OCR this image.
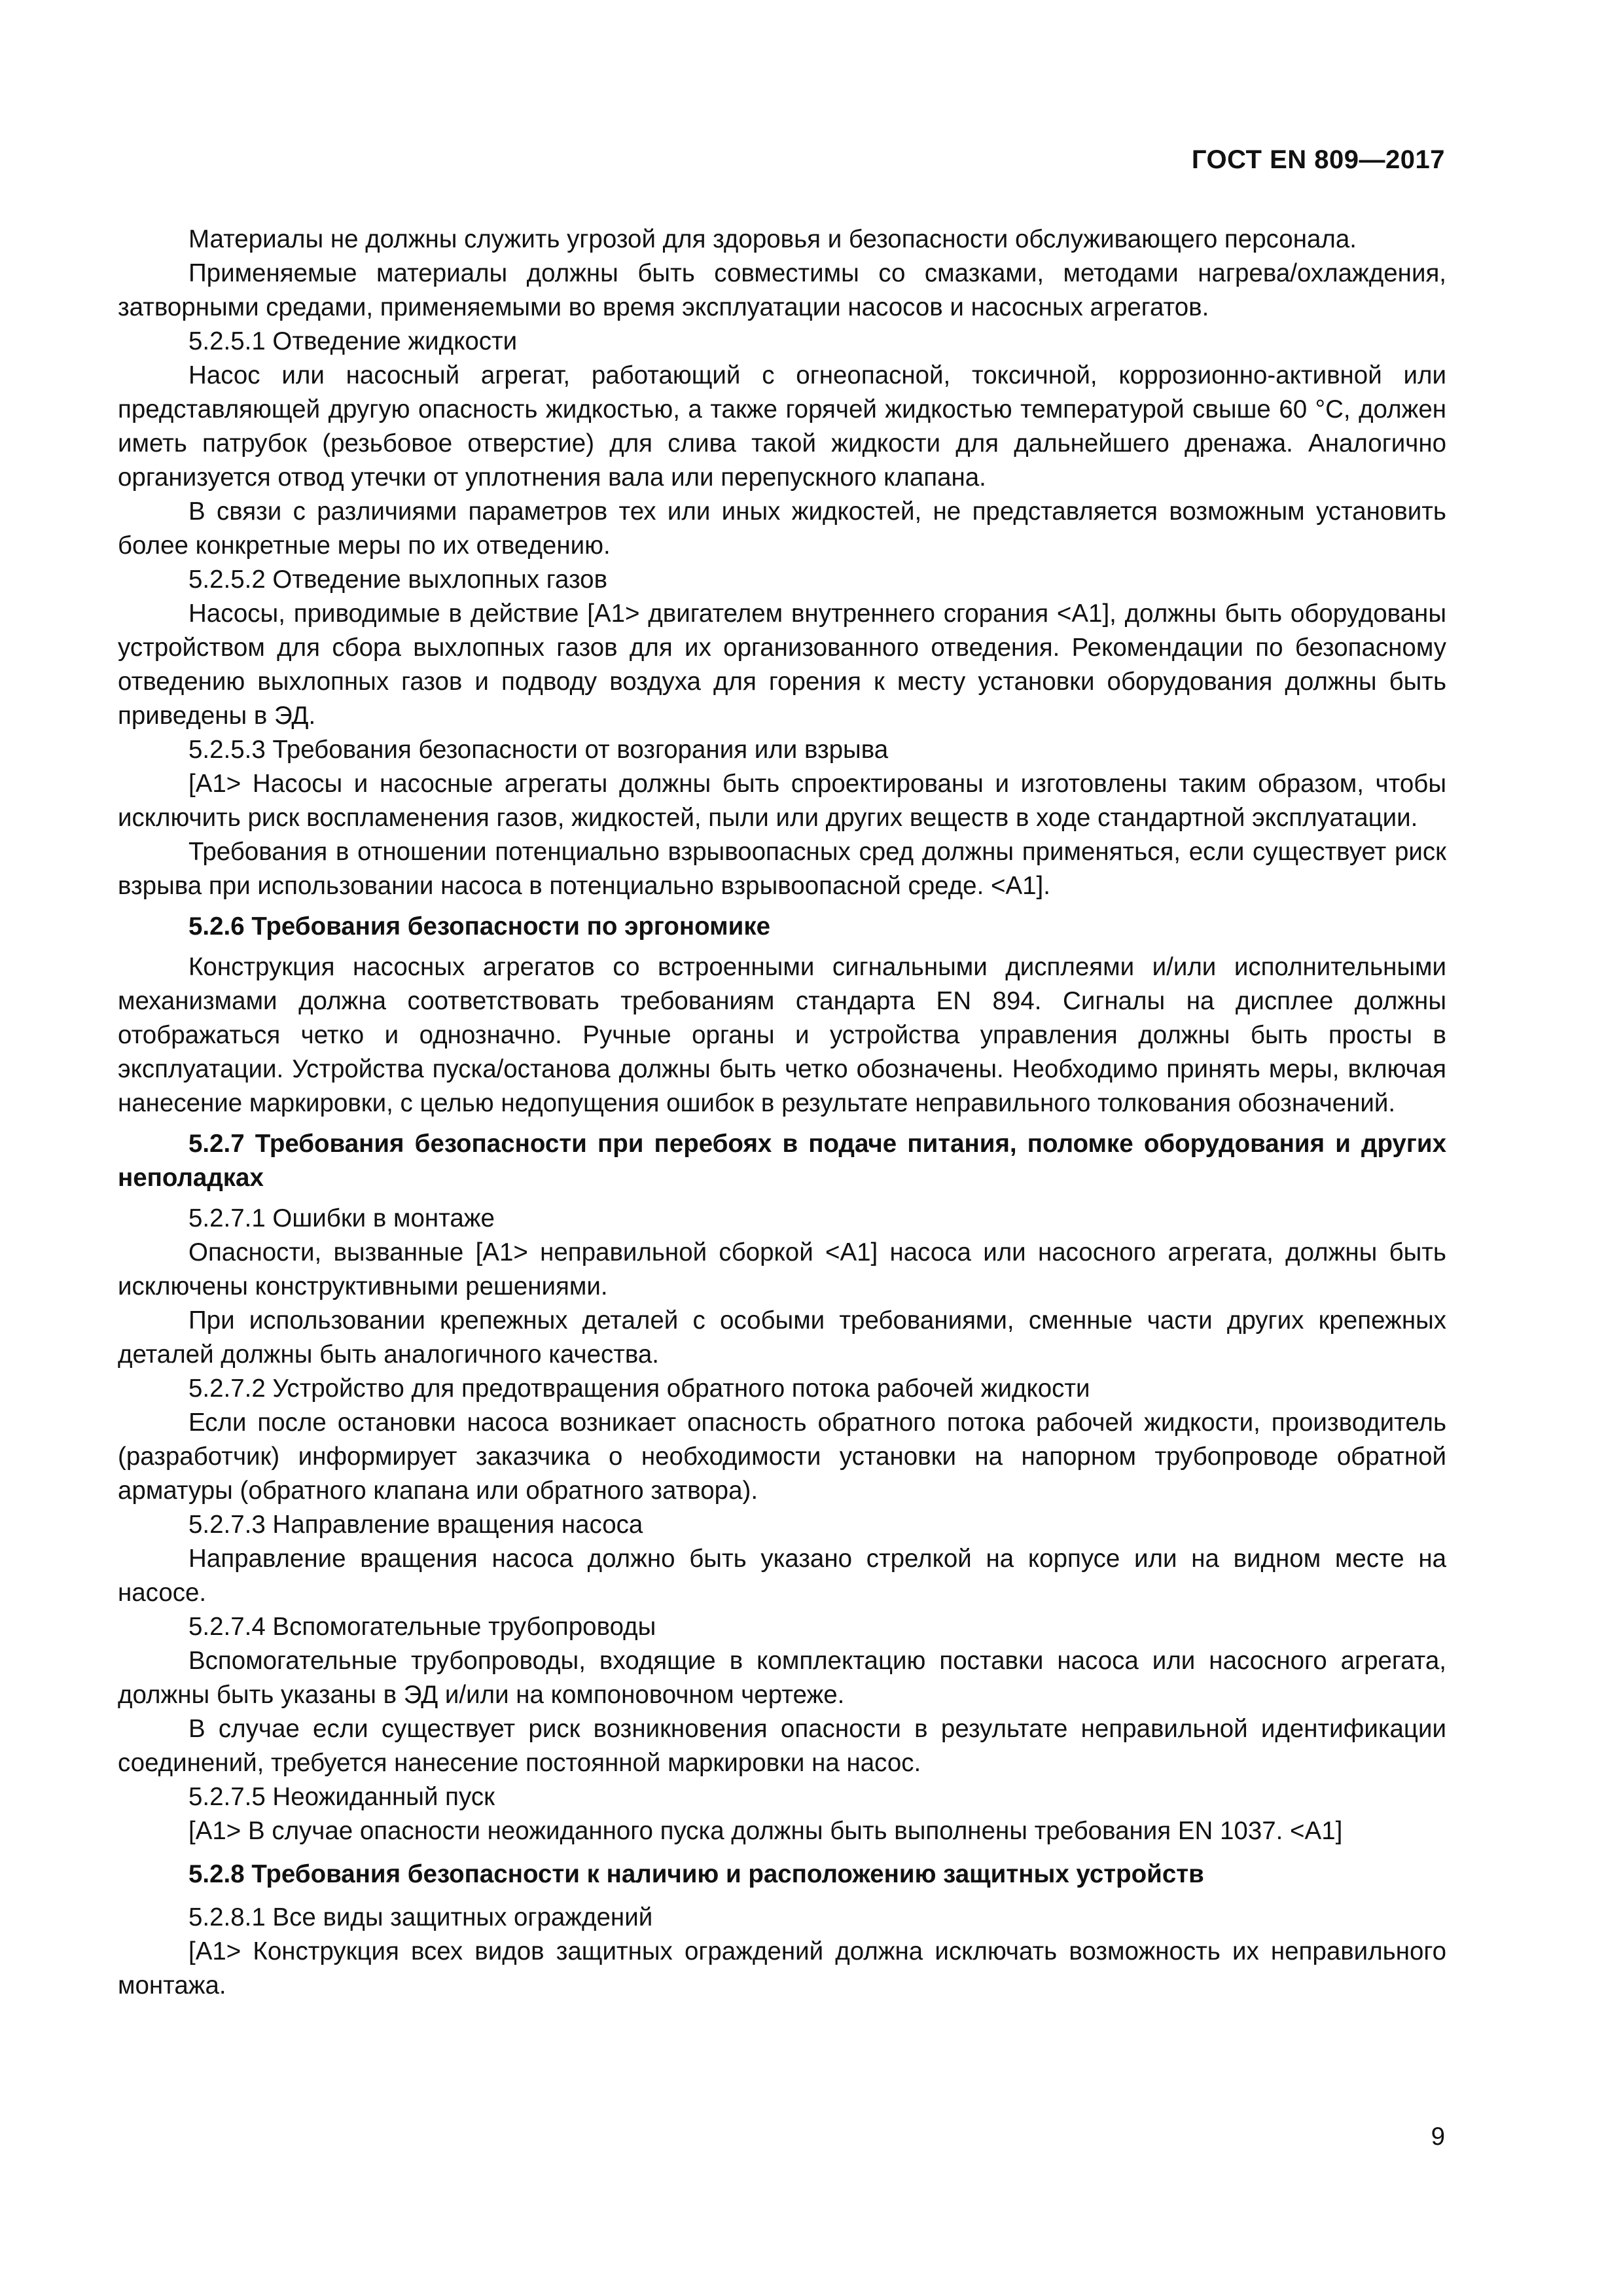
ГОСТ EN 809—2017

Материалы не должны служить угрозой для здоровья и безопасности обслуживающего персонала.

Применяемые материалы должны быть совместимы со смазками, методами нагрева/охлаждения, затворными средами, применяемыми во время эксплуатации насосов и насосных агрегатов.

5.2.5.1 Отведение жидкости

Насос или насосный агрегат, работающий с огнеопасной, токсичной, коррозионно-активной или представляющей другую опасность жидкостью, а также горячей жидкостью температурой свыше 60 °С, должен иметь патрубок (резьбовое отверстие) для слива такой жидкости для дальнейшего дренажа. Аналогично организуется отвод утечки от уплотнения вала или перепускного клапана.

В связи с различиями параметров тех или иных жидкостей, не представляется возможным установить более конкретные меры по их отведению.

5.2.5.2 Отведение выхлопных газов

Насосы, приводимые в действие [А1> двигателем внутреннего сгорания <А1], должны быть оборудованы устройством для сбора выхлопных газов для их организованного отведения. Рекомендации по безопасному отведению выхлопных газов и подводу воздуха для горения к месту установки оборудования должны быть приведены в ЭД.

5.2.5.3 Требования безопасности от возгорания или взрыва

[А1> Насосы и насосные агрегаты должны быть спроектированы и изготовлены таким образом, чтобы исключить риск воспламенения газов, жидкостей, пыли или других веществ в ходе стандартной эксплуатации.

Требования в отношении потенциально взрывоопасных сред должны применяться, если существует риск взрыва при использовании насоса в потенциально взрывоопасной среде. <А1].

5.2.6 Требования безопасности по эргономике

Конструкция насосных агрегатов со встроенными сигнальными дисплеями и/или исполнительными механизмами должна соответствовать требованиям стандарта EN 894. Сигналы на дисплее должны отображаться четко и однозначно. Ручные органы и устройства управления должны быть просты в эксплуатации. Устройства пуска/останова должны быть четко обозначены. Необходимо принять меры, включая нанесение маркировки, с целью недопущения ошибок в результате неправильного толкования обозначений.

5.2.7 Требования безопасности при перебоях в подаче питания, поломке оборудования и других неполадках

5.2.7.1 Ошибки в монтаже

Опасности, вызванные [А1> неправильной сборкой <А1] насоса или насосного агрегата, должны быть исключены конструктивными решениями.

При использовании крепежных деталей с особыми требованиями, сменные части других крепежных деталей должны быть аналогичного качества.

5.2.7.2 Устройство для предотвращения обратного потока рабочей жидкости

Если после остановки насоса возникает опасность обратного потока рабочей жидкости, производитель (разработчик) информирует заказчика о необходимости установки на напорном трубопроводе обратной арматуры (обратного клапана или обратного затвора).

5.2.7.3 Направление вращения насоса

Направление вращения насоса должно быть указано стрелкой на корпусе или на видном месте на насосе.

5.2.7.4 Вспомогательные трубопроводы

Вспомогательные трубопроводы, входящие в комплектацию поставки насоса или насосного агрегата, должны быть указаны в ЭД и/или на компоновочном чертеже.

В случае если существует риск возникновения опасности в результате неправильной идентификации соединений, требуется нанесение постоянной маркировки на насос.

5.2.7.5 Неожиданный пуск

[А1> В случае опасности неожиданного пуска должны быть выполнены требования EN 1037. <А1]

5.2.8 Требования безопасности к наличию и расположению защитных устройств

5.2.8.1 Все виды защитных ограждений

[А1> Конструкция всех видов защитных ограждений должна исключать возможность их неправильного монтажа.

9
